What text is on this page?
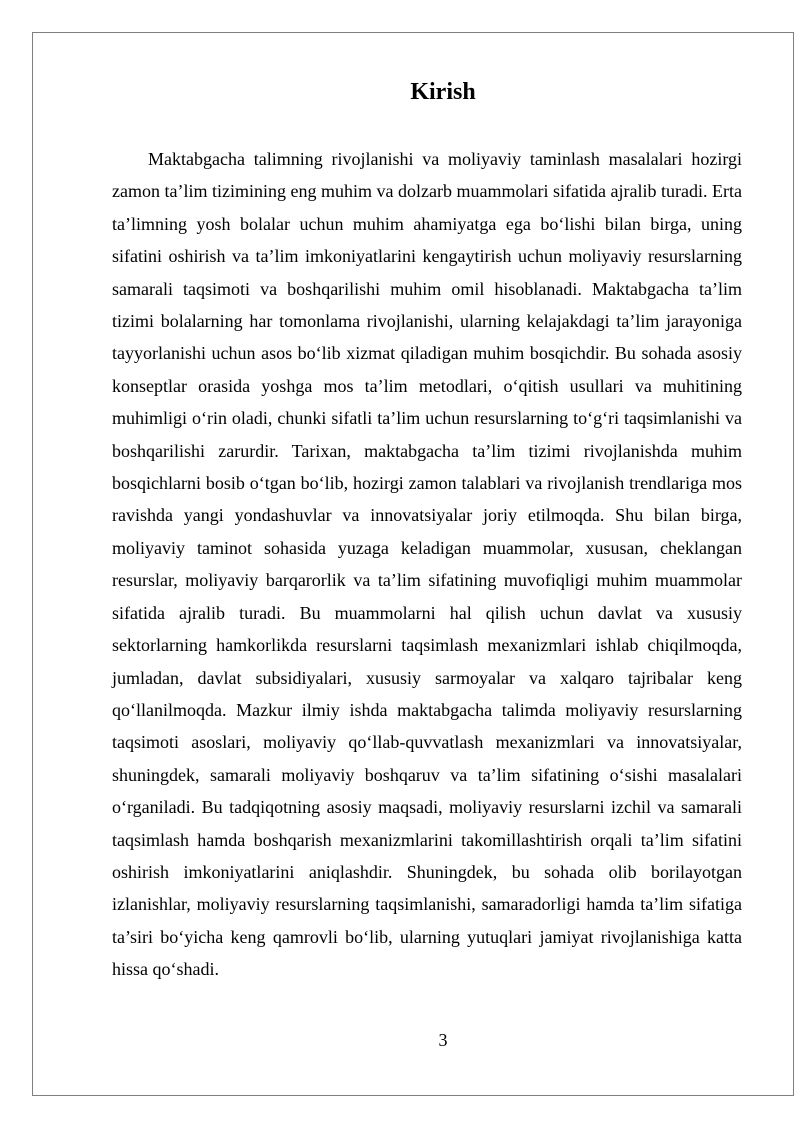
Kirish

Maktabgacha talimning rivojlanishi va moliyaviy taminlash masalalari hozirgi zamon ta’lim tizimining eng muhim va dolzarb muammolari sifatida ajralib turadi. Erta ta’limning yosh bolalar uchun muhim ahamiyatga ega bo‘lishi bilan birga, uning sifatini oshirish va ta’lim imkoniyatlarini kengaytirish uchun moliyaviy resurslarning samarali taqsimoti va boshqarilishi muhim omil hisoblanadi. Maktabgacha ta’lim tizimi bolalarning har tomonlama rivojlanishi, ularning kelajakdagi ta’lim jarayoniga tayyorlanishi uchun asos bo‘lib xizmat qiladigan muhim bosqichdir. Bu sohada asosiy konseptlar orasida yoshga mos ta’lim metodlari, o‘qitish usullari va muhitining muhimligi o‘rin oladi, chunki sifatli ta’lim uchun resurslarning to‘g‘ri taqsimlanishi va boshqarilishi zarurdir. Tarixan, maktabgacha ta’lim tizimi rivojlanishda muhim bosqichlarni bosib o‘tgan bo‘lib, hozirgi zamon talablari va rivojlanish trendlariga mos ravishda yangi yondashuvlar va innovatsiyalar joriy etilmoqda. Shu bilan birga, moliyaviy taminot sohasida yuzaga keladigan muammolar, xususan, cheklangan resurslar, moliyaviy barqarorlik va ta’lim sifatining muvofiqligi muhim muammolar sifatida ajralib turadi. Bu muammolarni hal qilish uchun davlat va xususiy sektorlarning hamkorlikda resurslarni taqsimlash mexanizmlari ishlab chiqilmoqda, jumladan, davlat subsidiyalari, xususiy sarmoyalar va xalqaro tajribalar keng qo‘llanilmoqda. Mazkur ilmiy ishda maktabgacha talimda moliyaviy resurslarning taqsimoti asoslari, moliyaviy qo‘llab-quvvatlash mexanizmlari va innovatsiyalar, shuningdek, samarali moliyaviy boshqaruv va ta’lim sifatining o‘sishi masalalari o‘rganiladi. Bu tadqiqotning asosiy maqsadi, moliyaviy resurslarni izchil va samarali taqsimlash hamda boshqarish mexanizmlarini takomillashtirish orqali ta’lim sifatini oshirish imkoniyatlarini aniqlashdir. Shuningdek, bu sohada olib borilayotgan izlanishlar, moliyaviy resurslarning taqsimlanishi, samaradorligi hamda ta’lim sifatiga ta’siri bo‘yicha keng qamrovli bo‘lib, ularning yutuqlari jamiyat rivojlanishiga katta hissa qo‘shadi.

3
